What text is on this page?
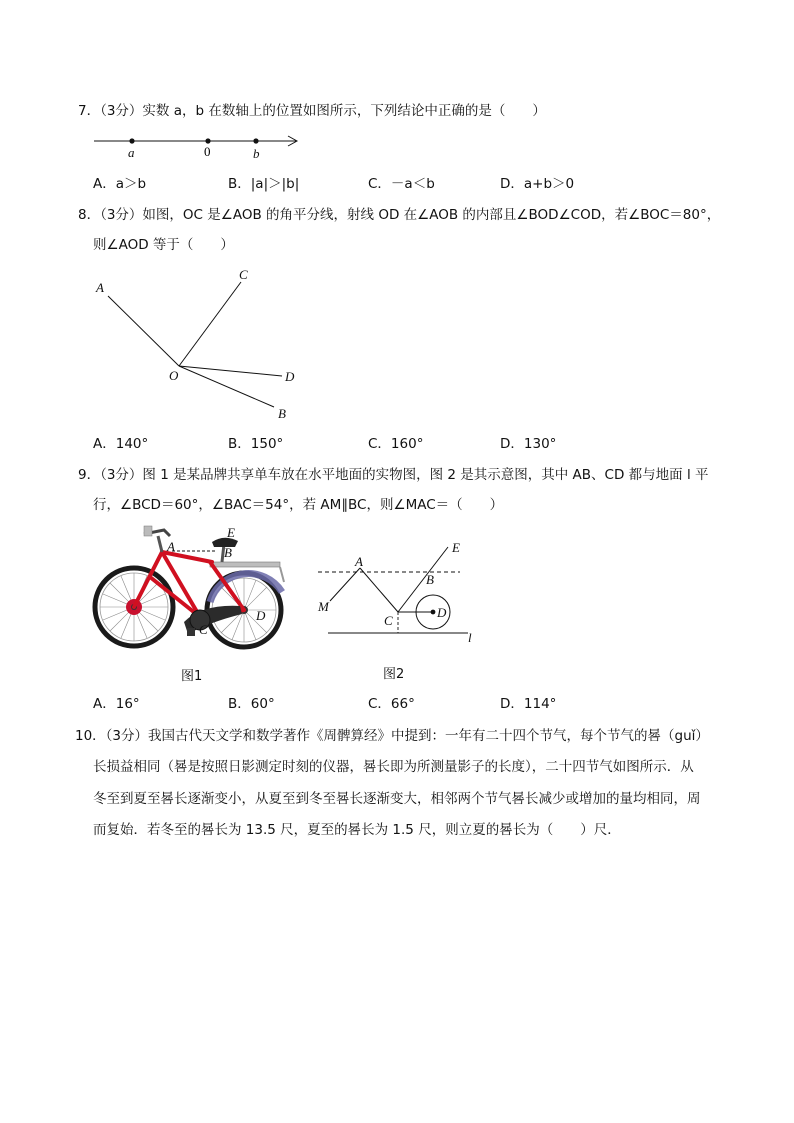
7．（3分）实数 a，b 在数轴上的位置如图所示，下列结论中正确的是（　　）
a	0	b
A．a＞b	B．|a|＞|b|	C．－a＜b	D．a+b＞0
8．（3分）如图，OC 是∠AOB 的角平分线，射线 OD 在∠AOB 的内部且∠BOD∠COD，若∠BOC＝80°，
则∠AOD 等于（　　）
A
C
O	D
B
A．140°	B．150°	C．160°	D．130°
9．（3分）图 1 是某品牌共享单车放在水平地面的实物图，图 2 是其示意图，其中 AB、CD 都与地面 l 平
行，∠BCD＝60°，∠BAC＝54°，若 AM∥BC，则∠MAC＝（　　）
E
A	B
C
D
图1
A
E
B
M
C
D
l
图2
A．16°	B．60°	C．66°	D．114°
10．（3分）我国古代天文学和数学著作《周髀算经》中提到：一年有二十四个节气，每个节气的晷（guǐ）
长损益相同（晷是按照日影测定时刻的仪器，晷长即为所测量影子的长度），二十四节气如图所示．从
冬至到夏至晷长逐渐变小，从夏至到冬至晷长逐渐变大，相邻两个节气晷长减少或增加的量均相同，周
而复始．若冬至的晷长为 13.5 尺，夏至的晷长为 1.5 尺，则立夏的晷长为（　　）尺．
